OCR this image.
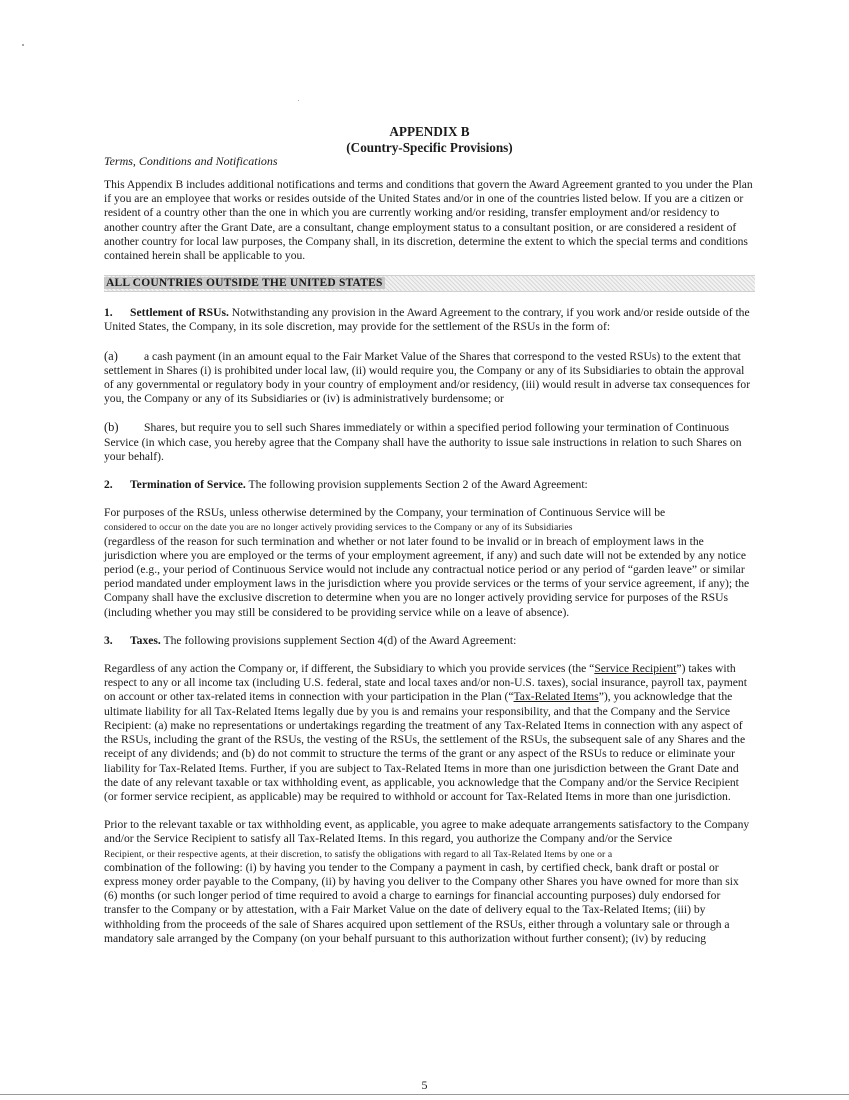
APPENDIX B
(Country-Specific Provisions)
Terms, Conditions and Notifications

This Appendix B includes additional notifications and terms and conditions that govern the Award Agreement granted to you under the Plan if you are an employee that works or resides outside of the United States and/or in one of the countries listed below. If you are a citizen or resident of a country other than the one in which you are currently working and/or residing, transfer employment and/or residency to another country after the Grant Date, are a consultant, change employment status to a consultant position, or are considered a resident of another country for local law purposes, the Company shall, in its discretion, determine the extent to which the special terms and conditions contained herein shall be applicable to you.

ALL COUNTRIES OUTSIDE THE UNITED STATES

1. Settlement of RSUs. Notwithstanding any provision in the Award Agreement to the contrary, if you work and/or reside outside of the United States, the Company, in its sole discretion, may provide for the settlement of the RSUs in the form of:

(a) a cash payment (in an amount equal to the Fair Market Value of the Shares that correspond to the vested RSUs) to the extent that settlement in Shares (i) is prohibited under local law, (ii) would require you, the Company or any of its Subsidiaries to obtain the approval of any governmental or regulatory body in your country of employment and/or residency, (iii) would result in adverse tax consequences for you, the Company or any of its Subsidiaries or (iv) is administratively burdensome; or

(b) Shares, but require you to sell such Shares immediately or within a specified period following your termination of Continuous Service (in which case, you hereby agree that the Company shall have the authority to issue sale instructions in relation to such Shares on your behalf).

2. Termination of Service. The following provision supplements Section 2 of the Award Agreement:

For purposes of the RSUs, unless otherwise determined by the Company, your termination of Continuous Service will be
considered to occur on the date you are no longer actively providing services to the Company or any of its Subsidiaries
(regardless of the reason for such termination and whether or not later found to be invalid or in breach of employment laws in the jurisdiction where you are employed or the terms of your employment agreement, if any) and such date will not be extended by any notice period (e.g., your period of Continuous Service would not include any contractual notice period or any period of “garden leave” or similar period mandated under employment laws in the jurisdiction where you provide services or the terms of your service agreement, if any); the Company shall have the exclusive discretion to determine when you are no longer actively providing service for purposes of the RSUs (including whether you may still be considered to be providing service while on a leave of absence).

3. Taxes. The following provisions supplement Section 4(d) of the Award Agreement:

Regardless of any action the Company or, if different, the Subsidiary to which you provide services (the “Service Recipient”) takes with respect to any or all income tax (including U.S. federal, state and local taxes and/or non-U.S. taxes), social insurance, payroll tax, payment on account or other tax-related items in connection with your participation in the Plan (“Tax-Related Items”), you acknowledge that the ultimate liability for all Tax-Related Items legally due by you is and remains your responsibility, and that the Company and the Service Recipient: (a) make no representations or undertakings regarding the treatment of any Tax-Related Items in connection with any aspect of the RSUs, including the grant of the RSUs, the vesting of the RSUs, the settlement of the RSUs, the subsequent sale of any Shares and the receipt of any dividends; and (b) do not commit to structure the terms of the grant or any aspect of the RSUs to reduce or eliminate your liability for Tax-Related Items. Further, if you are subject to Tax-Related Items in more than one jurisdiction between the Grant Date and the date of any relevant taxable or tax withholding event, as applicable, you acknowledge that the Company and/or the Service Recipient (or former service recipient, as applicable) may be required to withhold or account for Tax-Related Items in more than one jurisdiction.

Prior to the relevant taxable or tax withholding event, as applicable, you agree to make adequate arrangements satisfactory to the Company and/or the Service Recipient to satisfy all Tax-Related Items. In this regard, you authorize the Company and/or the Service
Recipient, or their respective agents, at their discretion, to satisfy the obligations with regard to all Tax-Related Items by one or a
combination of the following: (i) by having you tender to the Company a payment in cash, by certified check, bank draft or postal or express money order payable to the Company, (ii) by having you deliver to the Company other Shares you have owned for more than six (6) months (or such longer period of time required to avoid a charge to earnings for financial accounting purposes) duly endorsed for transfer to the Company or by attestation, with a Fair Market Value on the date of delivery equal to the Tax-Related Items; (iii) by withholding from the proceeds of the sale of Shares acquired upon settlement of the RSUs, either through a voluntary sale or through a mandatory sale arranged by the Company (on your behalf pursuant to this authorization without further consent); (iv) by reducing

5
